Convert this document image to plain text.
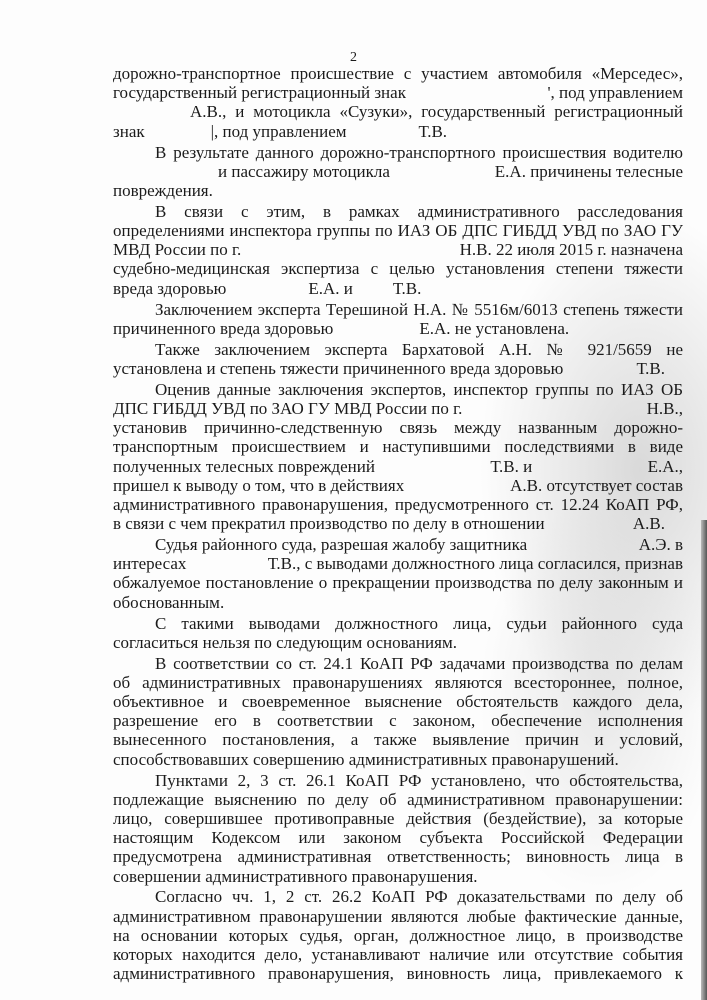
2
дорожно-транспортное происшествие с участием автомобиля «Мерседес»,
государственный регистрационный знак	', под управлением
А.В., и мотоцикла «Сузуки», государственный регистрационный
знак	|, под управлением	Т.В.
В результате данного дорожно-транспортного происшествия водителю
и пассажиру мотоцикла	Е.А. причинены телесные
повреждения.
В связи с этим, в рамках административного расследования
определениями инспектора группы по ИАЗ ОБ ДПС ГИБДД УВД по ЗАО ГУ
МВД России по г.	Н.В. 22 июля 2015 г. назначена
судебно-медицинская экспертиза с целью установления степени тяжести
вреда здоровью	Е.А. и Т.В.
Заключением эксперта Терешиной Н.А. № 5516м/6013 степень тяжести
причиненного вреда здоровью	Е.А. не установлена.
Также заключением эксперта Бархатовой А.Н. № 921/5659 не
установлена и степень тяжести причиненного вреда здоровью	Т.В.
Оценив данные заключения экспертов, инспектор группы по ИАЗ ОБ
ДПС ГИБДД УВД по ЗАО ГУ МВД России по г.	Н.В.,
установив причинно-следственную связь между названным дорожно-
транспортным происшествием и наступившими последствиями в виде
полученных телесных повреждений	Т.В. и	Е.А.,
пришел к выводу о том, что в действиях	А.В. отсутствует состав
административного правонарушения, предусмотренного ст. 12.24 КоАП РФ,
в связи с чем прекратил производство по делу в отношении	А.В.
Судья районного суда, разрешая жалобу защитника	А.Э. в
интересах	Т.В., с выводами должностного лица согласился, признав
обжалуемое постановление о прекращении производства по делу законным и
обоснованным.
С такими выводами должностного лица, судьи районного суда
согласиться нельзя по следующим основаниям.
В соответствии со ст. 24.1 КоАП РФ задачами производства по делам
об административных правонарушениях являются всестороннее, полное,
объективное и своевременное выяснение обстоятельств каждого дела,
разрешение его в соответствии с законом, обеспечение исполнения
вынесенного постановления, а также выявление причин и условий,
способствовавших совершению административных правонарушений.
Пунктами 2, 3 ст. 26.1 КоАП РФ установлено, что обстоятельства,
подлежащие выяснению по делу об административном правонарушении:
лицо, совершившее противоправные действия (бездействие), за которые
настоящим Кодексом или законом субъекта Российской Федерации
предусмотрена административная ответственность; виновность лица в
совершении административного правонарушения.
Согласно чч. 1, 2 ст. 26.2 КоАП РФ доказательствами по делу об
административном правонарушении являются любые фактические данные,
на основании которых судья, орган, должностное лицо, в производстве
которых находится дело, устанавливают наличие или отсутствие события
административного правонарушения, виновность лица, привлекаемого к
